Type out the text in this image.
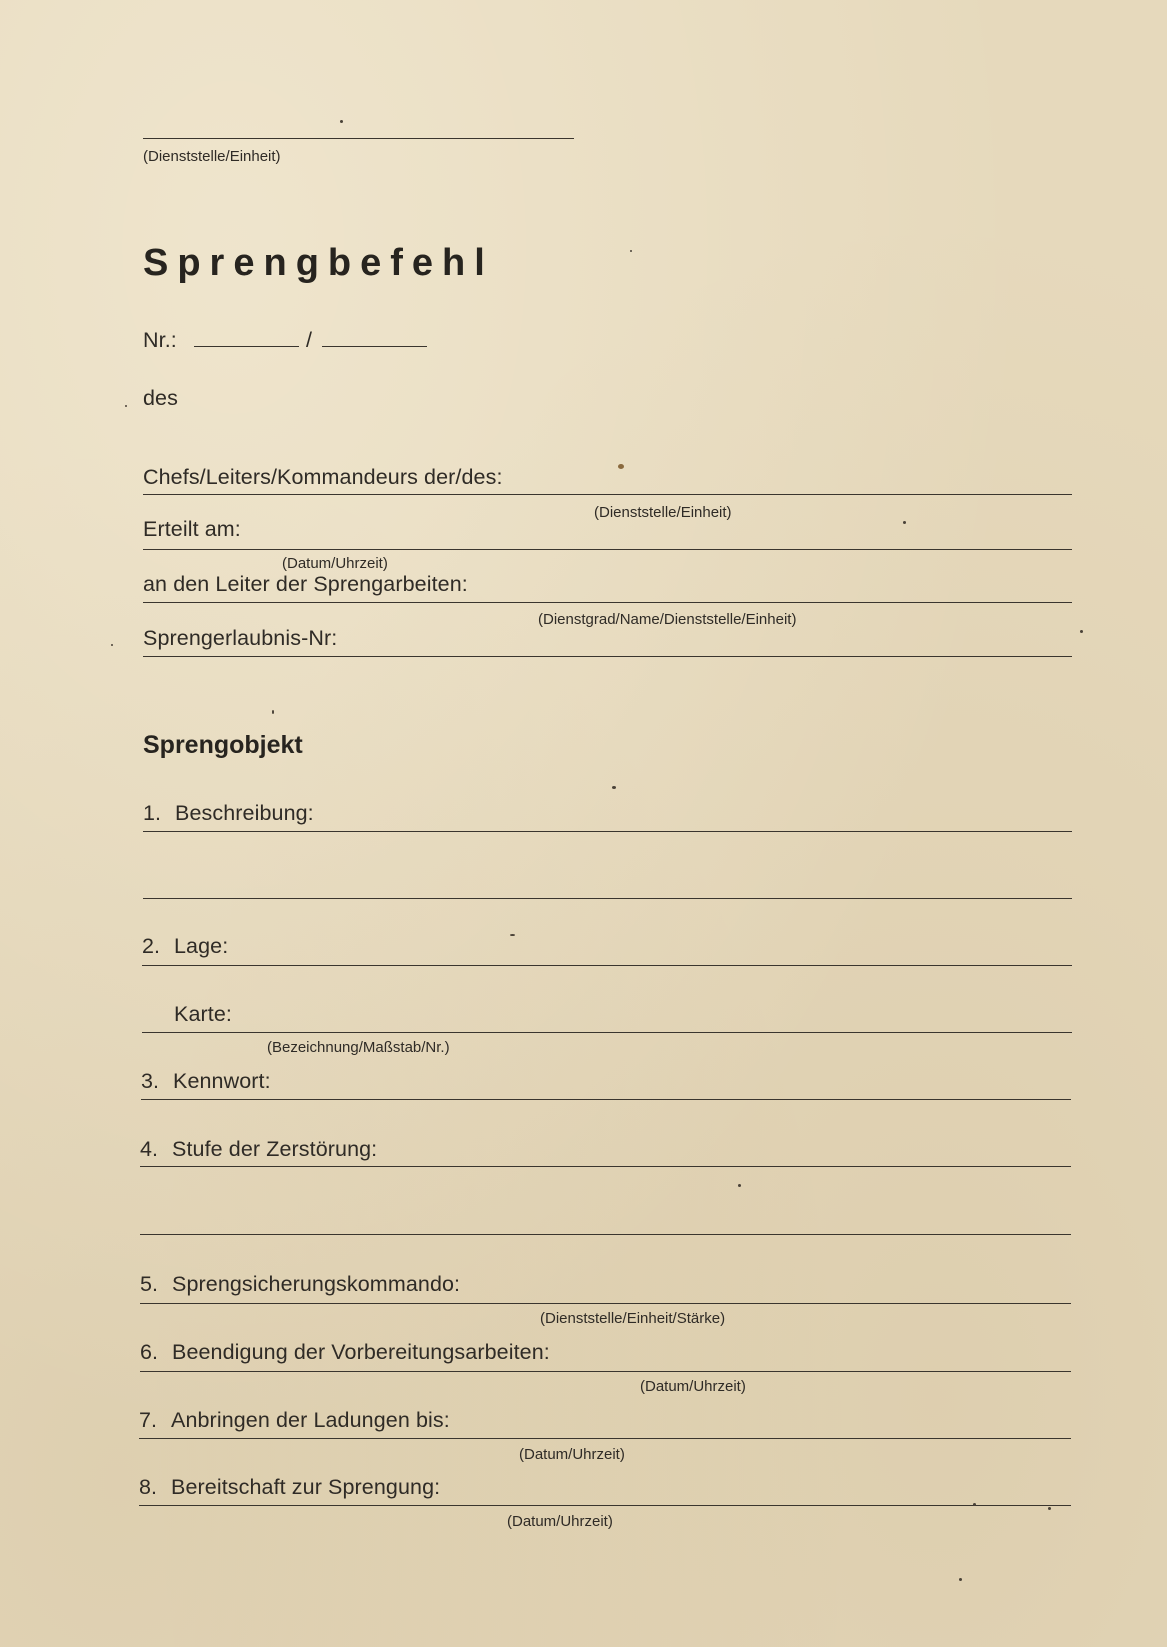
(Dienststelle/Einheit)
Sprengbefehl
Nr.:	/
des
Chefs/Leiters/Kommandeurs der/des:
(Dienststelle/Einheit)
Erteilt am:
(Datum/Uhrzeit)
an den Leiter der Sprengarbeiten:
(Dienstgrad/Name/Dienststelle/Einheit)
Sprengerlaubnis-Nr:
Sprengobjekt
1. Beschreibung:
2. Lage:
Karte:
(Bezeichnung/Maßstab/Nr.)
3. Kennwort:
4. Stufe der Zerstörung:
5. Sprengsicherungskommando:
(Dienststelle/Einheit/Stärke)
6. Beendigung der Vorbereitungsarbeiten:
(Datum/Uhrzeit)
7. Anbringen der Ladungen bis:
(Datum/Uhrzeit)
8. Bereitschaft zur Sprengung:
(Datum/Uhrzeit)
